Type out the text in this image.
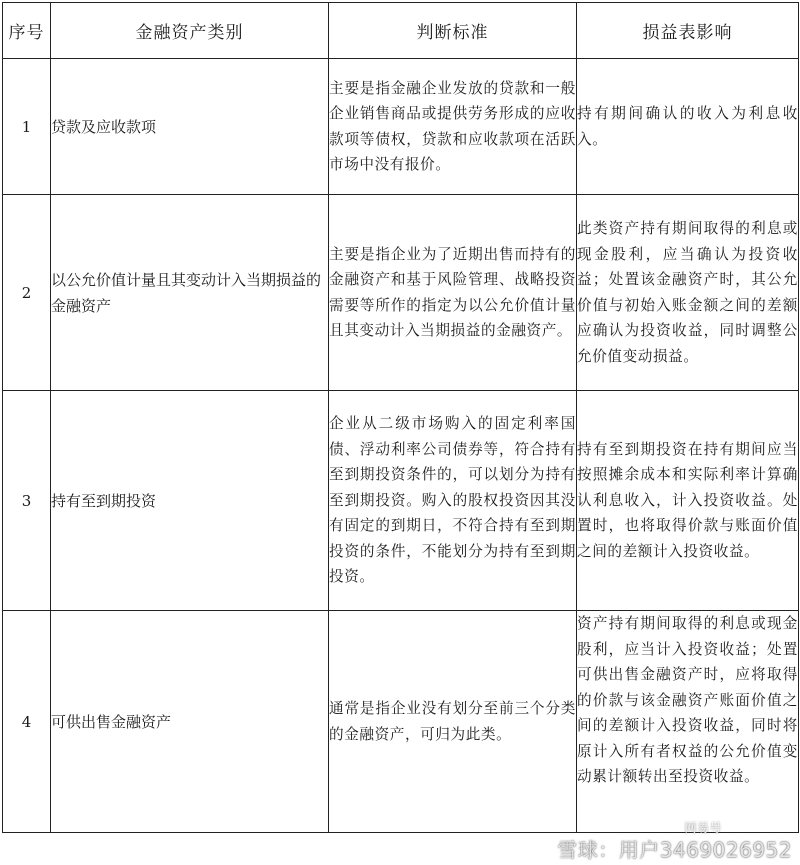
序号	金融资产类别	判断标准	损益表影响
1	贷款及应收款项	主要是指金融企业发放的贷款和一般企业销售商品或提供劳务形成的应收款项等债权，贷款和应收款项在活跃市场中没有报价。	持有期间确认的收入为利息收入。
2	以公允价值计量且其变动计入当期损益的金融资产	主要是指企业为了近期出售而持有的金融资产和基于风险管理、战略投资需要等所作的指定为以公允价值计量且其变动计入当期损益的金融资产。	此类资产持有期间取得的利息或现金股利，应当确认为投资收益；处置该金融资产时，其公允价值与初始入账金额之间的差额应确认为投资收益，同时调整公允价值变动损益。
3	持有至到期投资	企业从二级市场购入的固定利率国债、浮动利率公司债券等，符合持有至到期投资条件的，可以划分为持有至到期投资。购入的股权投资因其没有固定的到期日，不符合持有至到期投资的条件，不能划分为持有至到期投资。	持有至到期投资在持有期间应当按照摊余成本和实际利率计算确认利息收入，计入投资收益。处置时，也将取得价款与账面价值之间的差额计入投资收益。
4	可供出售金融资产	通常是指企业没有划分至前三个分类的金融资产，可归为此类。	资产持有期间取得的利息或现金股利，应当计入投资收益；处置可供出售金融资产时，应将取得的价款与该金融资产账面价值之间的差额计入投资收益，同时将原计入所有者权益的公允价值变动累计额转出至投资收益。
网易号
雪球：用户3469026952
